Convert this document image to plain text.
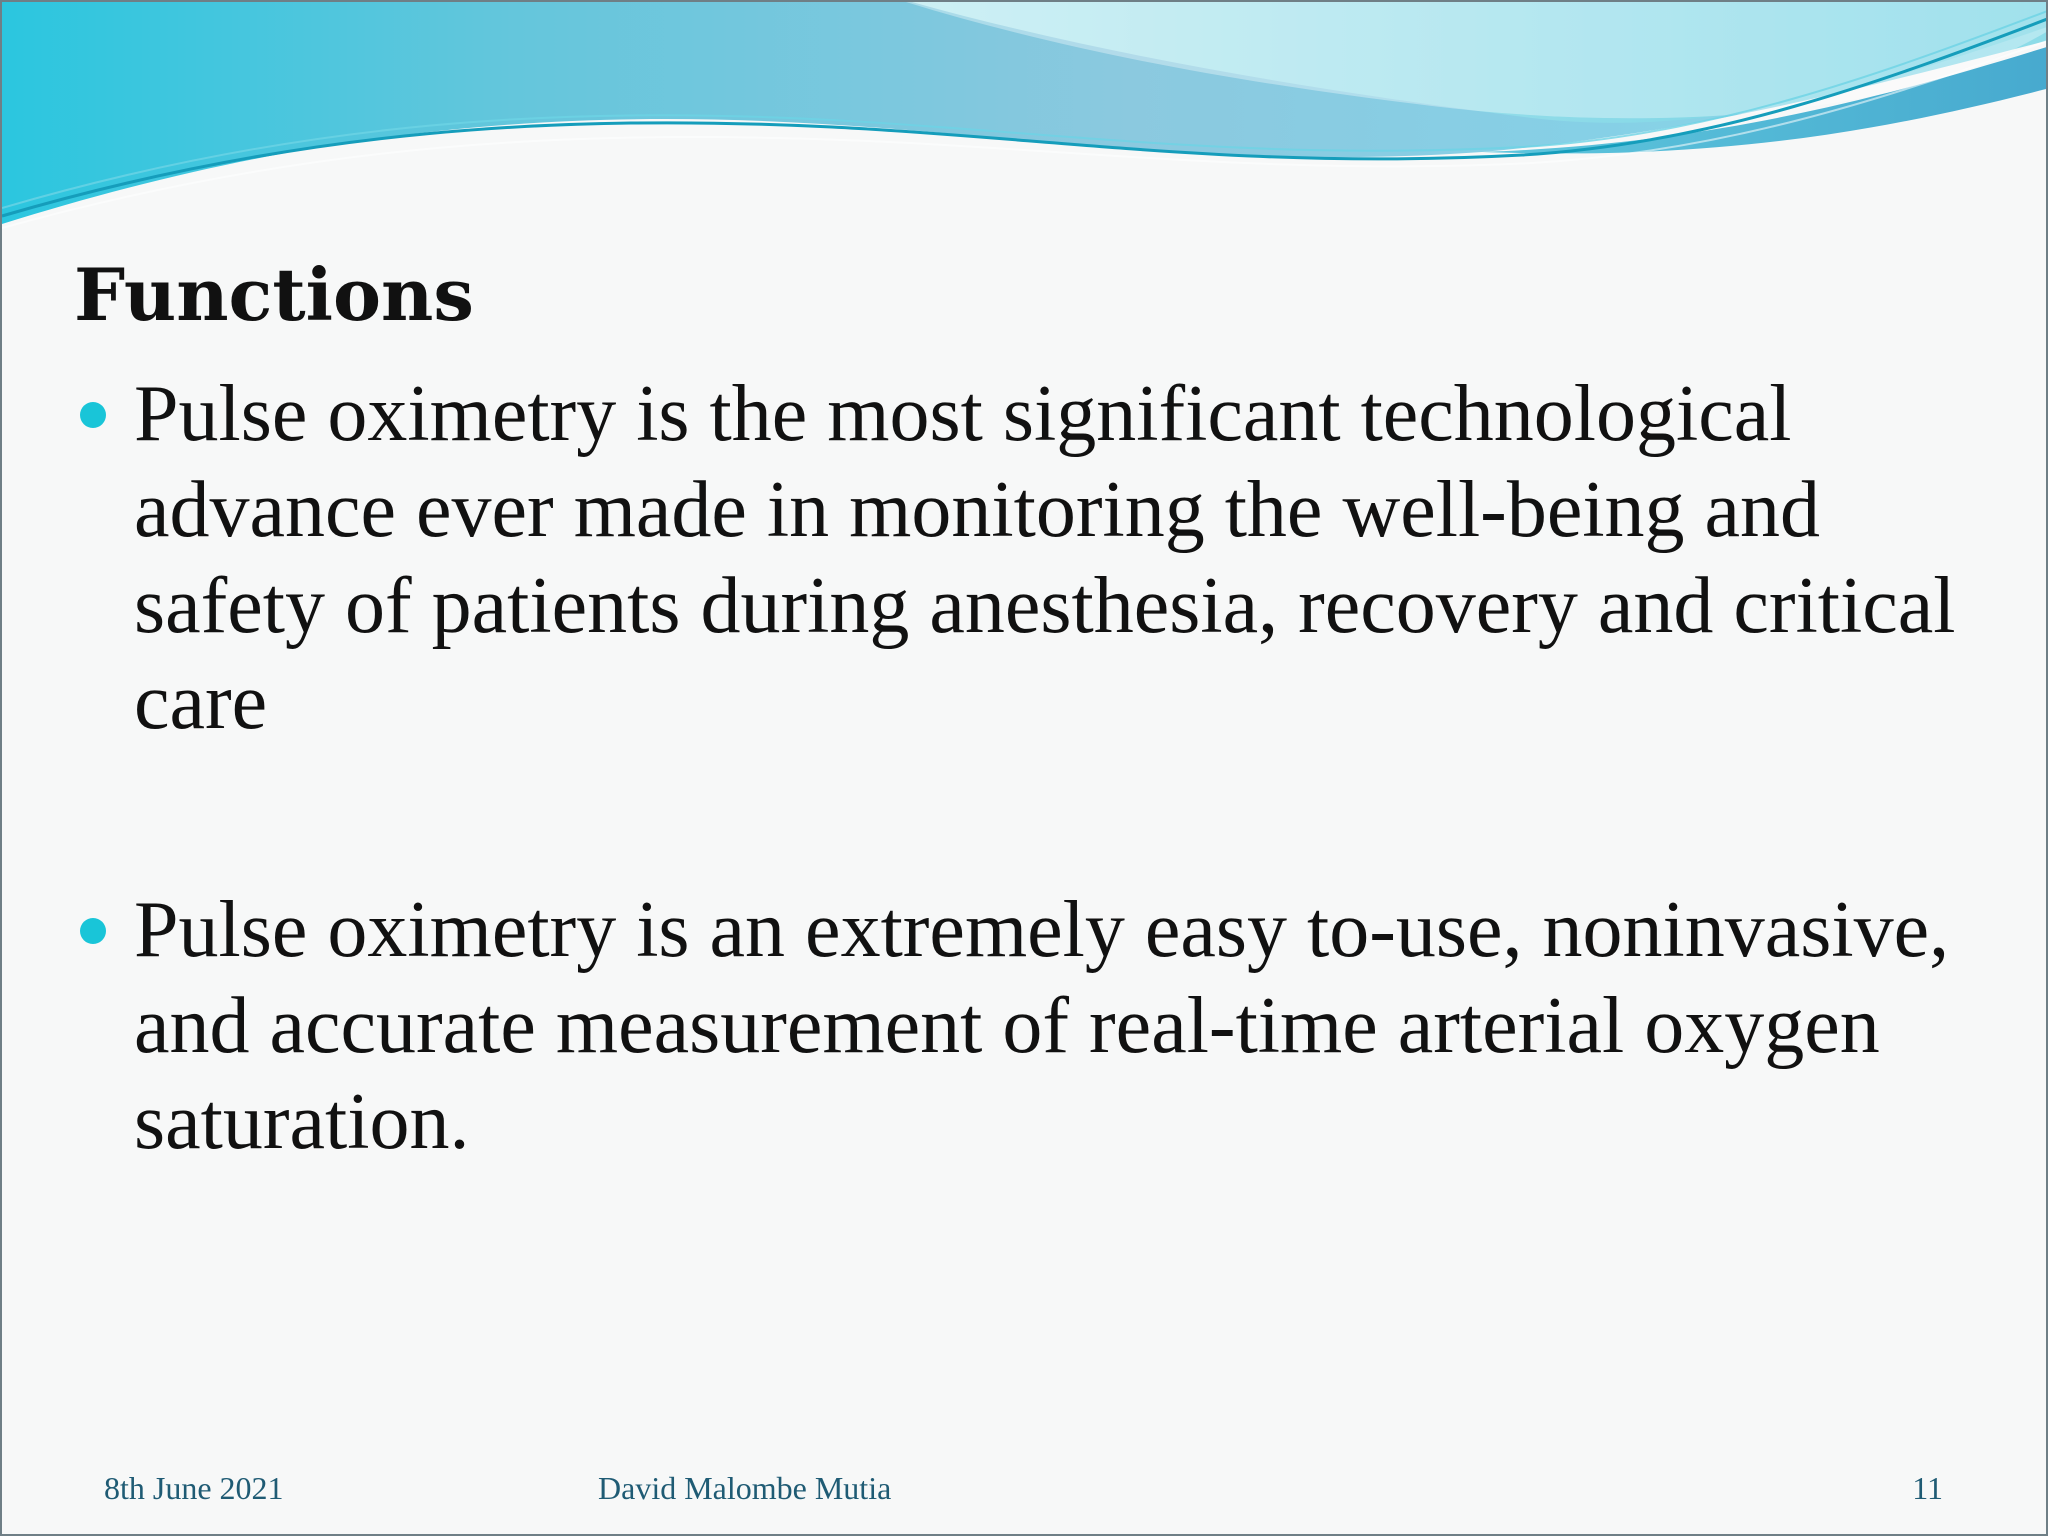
Functions
Pulse oximetry is the most significant technological advance ever made in monitoring the well-being and safety of patients during anesthesia, recovery and critical care
Pulse oximetry is an extremely easy to-use, noninvasive, and accurate measurement of real-time arterial oxygen saturation.
8th June 2021	David Malombe Mutia	11
